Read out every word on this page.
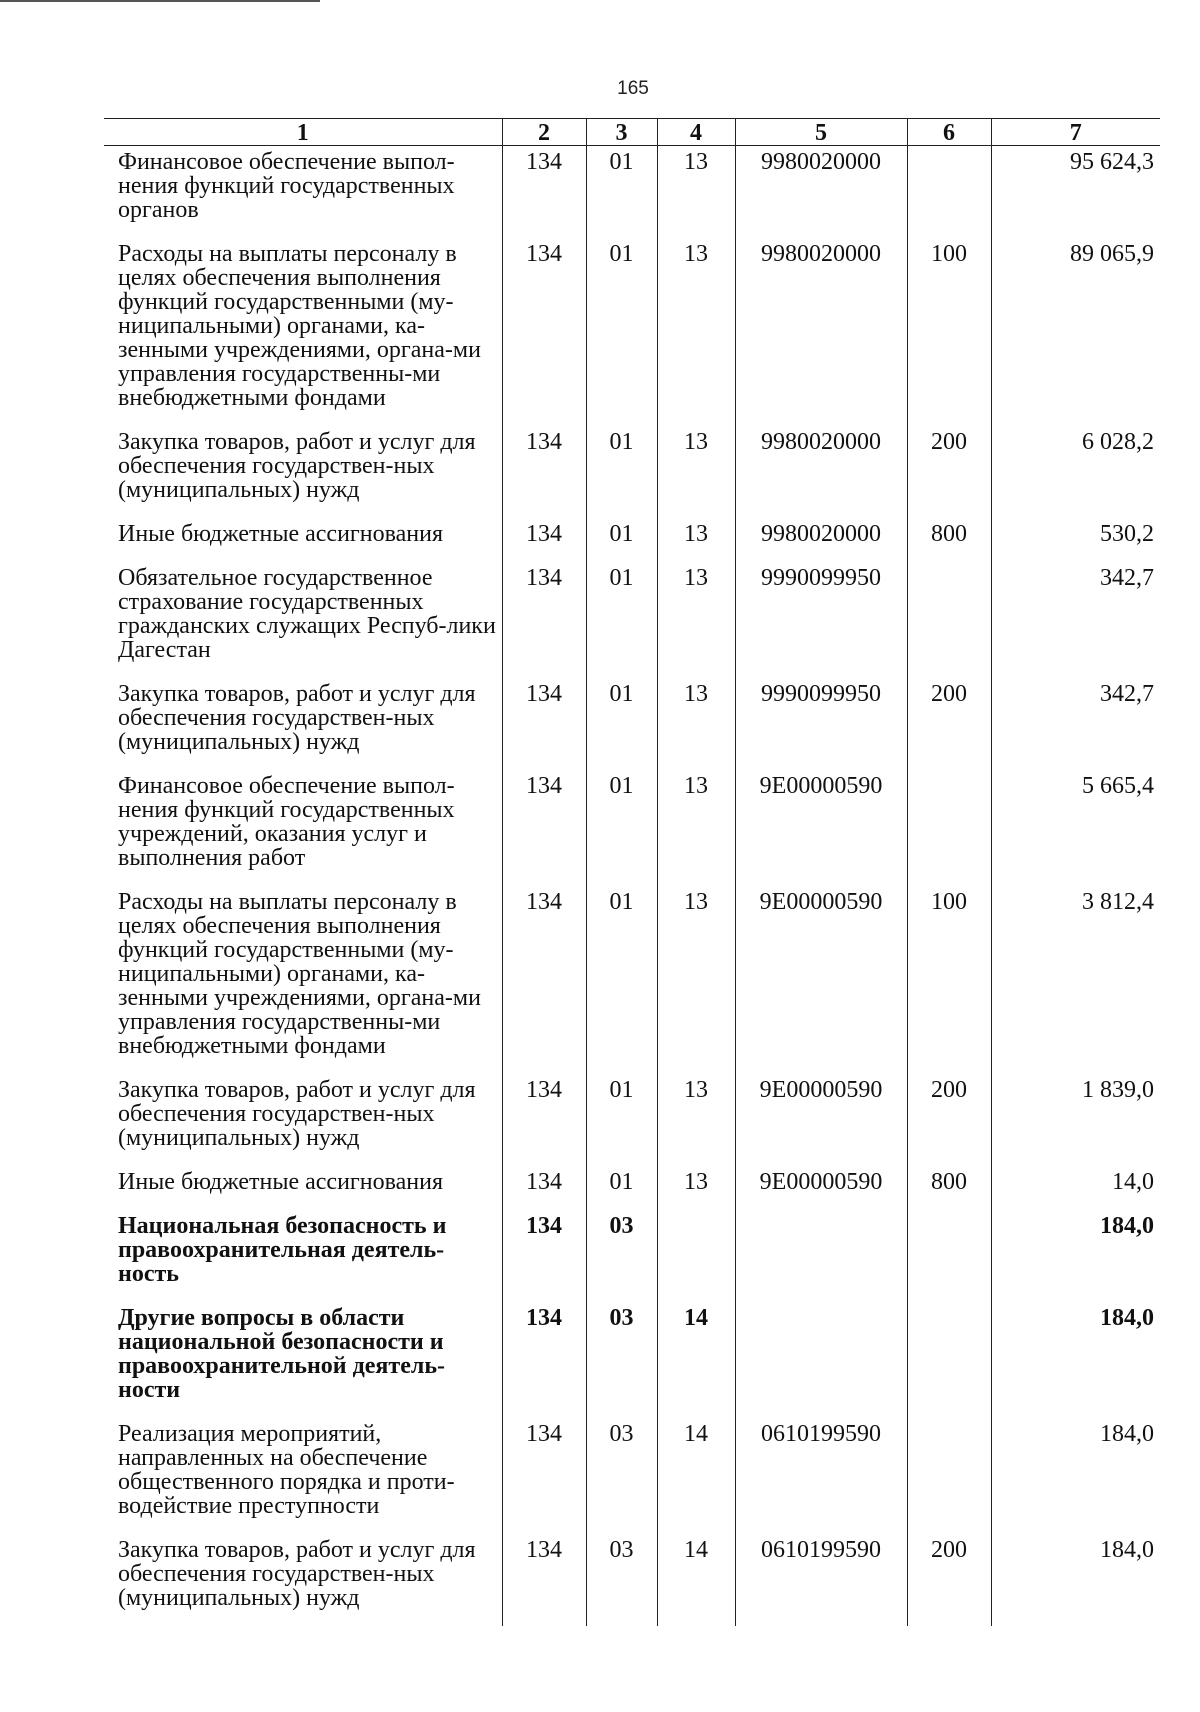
165
1	2	3	4	5	6	7
Финансовое обеспечение выпол-нения функций государственных органов	134	01	13	9980020000		95 624,3
Расходы на выплаты персоналу в целях обеспечения выполнения функций государственными (му-ниципальными) органами, ка-зенными учреждениями, органа-ми управления государственны-ми внебюджетными фондами	134	01	13	9980020000	100	89 065,9
Закупка товаров, работ и услуг для обеспечения государствен-ных (муниципальных) нужд	134	01	13	9980020000	200	6 028,2
Иные бюджетные ассигнования	134	01	13	9980020000	800	530,2
Обязательное государственное страхование государственных гражданских служащих Респуб-лики Дагестан	134	01	13	9990099950		342,7
Закупка товаров, работ и услуг для обеспечения государствен-ных (муниципальных) нужд	134	01	13	9990099950	200	342,7
Финансовое обеспечение выпол-нения функций государственных учреждений, оказания услуг и выполнения работ	134	01	13	9Е00000590		5 665,4
Расходы на выплаты персоналу в целях обеспечения выполнения функций государственными (му-ниципальными) органами, ка-зенными учреждениями, органа-ми управления государственны-ми внебюджетными фондами	134	01	13	9Е00000590	100	3 812,4
Закупка товаров, работ и услуг для обеспечения государствен-ных (муниципальных) нужд	134	01	13	9Е00000590	200	1 839,0
Иные бюджетные ассигнования	134	01	13	9Е00000590	800	14,0
Национальная безопасность и правоохранительная деятель-ность	134	03				184,0
Другие вопросы в области национальной безопасности и правоохранительной деятель-ности	134	03	14			184,0
Реализация мероприятий, направленных на обеспечение общественного порядка и проти-водействие преступности	134	03	14	0610199590		184,0
Закупка товаров, работ и услуг для обеспечения государствен-ных (муниципальных) нужд	134	03	14	0610199590	200	184,0
